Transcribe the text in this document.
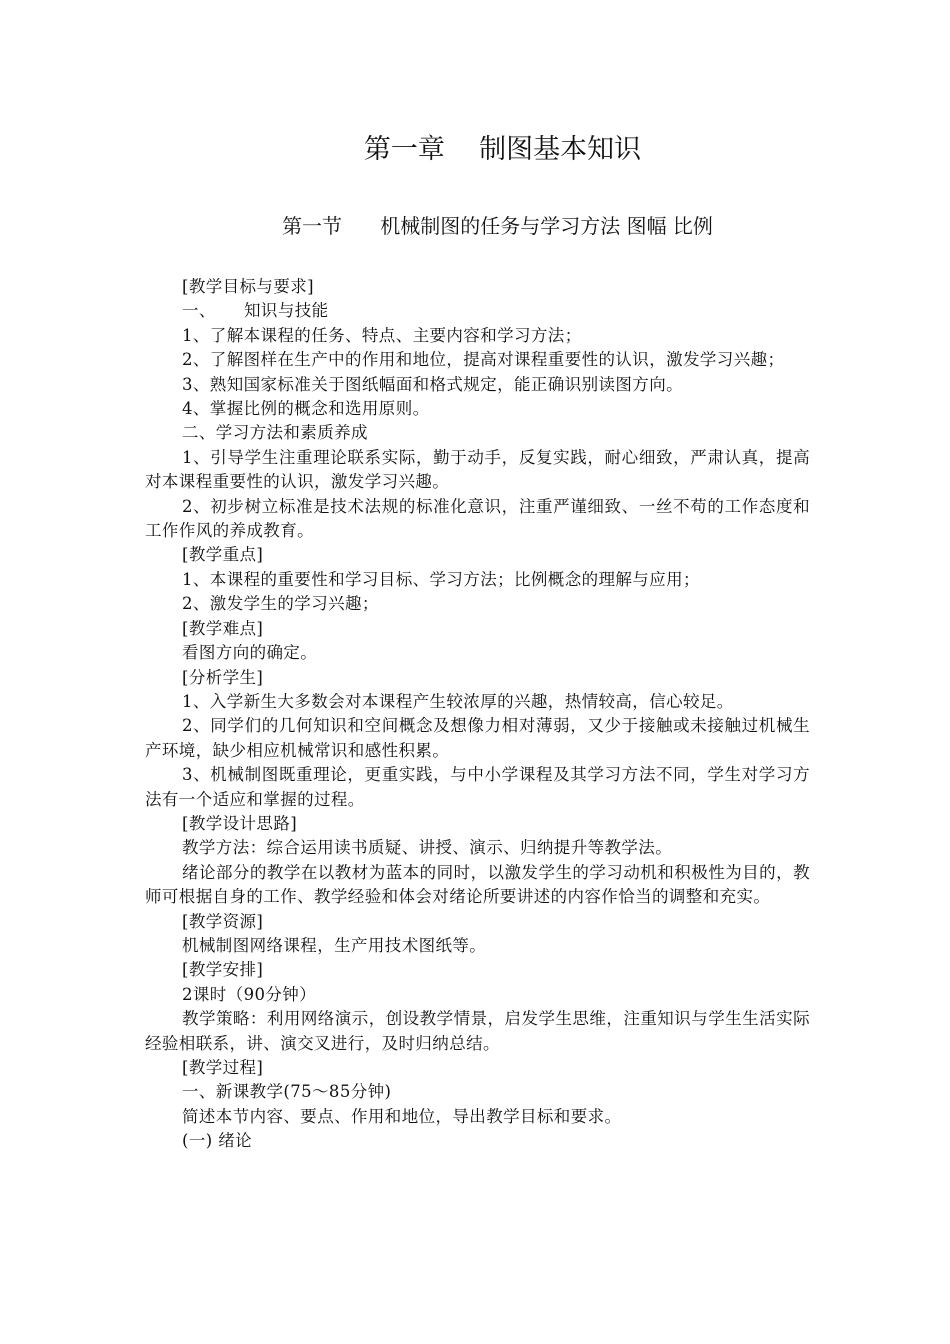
第一章    制图基本知识
第一节      机械制图的任务与学习方法 图幅 比例
[教学目标与要求]
一、     知识与技能
1、了解本课程的任务、特点、主要内容和学习方法；
2、了解图样在生产中的作用和地位，提高对课程重要性的认识，激发学习兴趣；
3、熟知国家标准关于图纸幅面和格式规定，能正确识别读图方向。
4、掌握比例的概念和选用原则。
二、学习方法和素质养成
1、引导学生注重理论联系实际，勤于动手，反复实践，耐心细致，严肃认真，提高对本课程重要性的认识，激发学习兴趣。
2、初步树立标准是技术法规的标准化意识，注重严谨细致、一丝不苟的工作态度和工作作风的养成教育。
[教学重点]
1、本课程的重要性和学习目标、学习方法；比例概念的理解与应用；
2、激发学生的学习兴趣；
[教学难点]
看图方向的确定。
[分析学生]
1、入学新生大多数会对本课程产生较浓厚的兴趣，热情较高，信心较足。
2、同学们的几何知识和空间概念及想像力相对薄弱，又少于接触或未接触过机械生产环境，缺少相应机械常识和感性积累。
3、机械制图既重理论，更重实践，与中小学课程及其学习方法不同，学生对学习方法有一个适应和掌握的过程。
[教学设计思路]
教学方法：综合运用读书质疑、讲授、演示、归纳提升等教学法。
绪论部分的教学在以教材为蓝本的同时，以激发学生的学习动机和积极性为目的，教师可根据自身的工作、教学经验和体会对绪论所要讲述的内容作恰当的调整和充实。
[教学资源]
机械制图网络课程，生产用技术图纸等。
[教学安排]
2课时（90分钟）
教学策略：利用网络演示，创设教学情景，启发学生思维，注重知识与学生生活实际经验相联系，讲、演交叉进行，及时归纳总结。
[教学过程]
一、新课教学(75～85分钟)
简述本节内容、要点、作用和地位，导出教学目标和要求。
(一) 绪论
